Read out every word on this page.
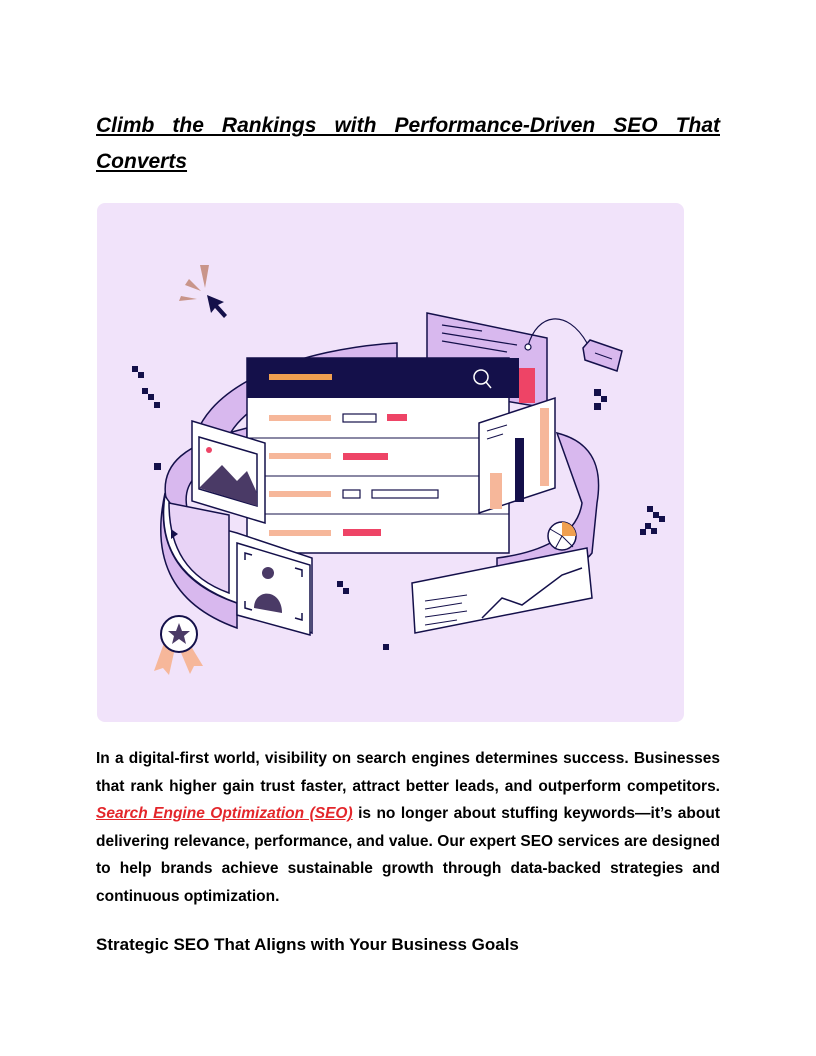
Climb the Rankings with Performance-Driven SEO That Converts

In a digital-first world, visibility on search engines determines success. Businesses that rank higher gain trust faster, attract better leads, and outperform competitors. Search Engine Optimization (SEO) is no longer about stuffing keywords—it’s about delivering relevance, performance, and value. Our expert SEO services are designed to help brands achieve sustainable growth through data-backed strategies and continuous optimization.

Strategic SEO That Aligns with Your Business Goals
